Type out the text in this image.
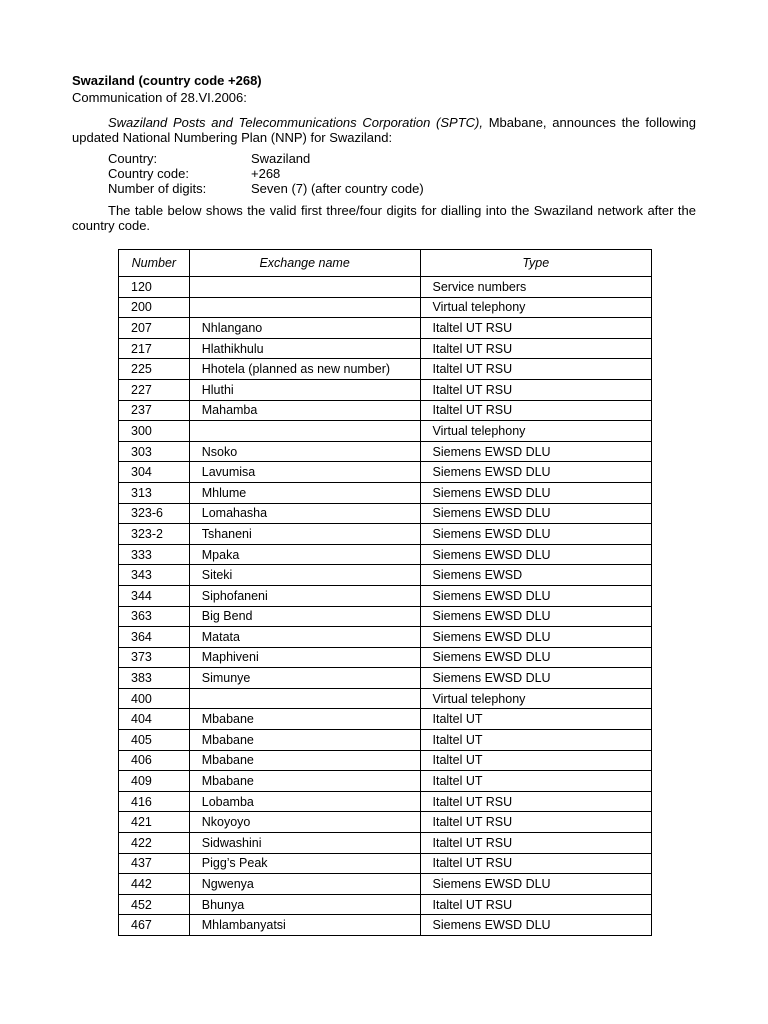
Swaziland (country code +268)

Communication of 28.VI.2006:

Swaziland Posts and Telecommunications Corporation (SPTC), Mbabane, announces the following updated National Numbering Plan (NNP) for Swaziland:

Country:	Swaziland
Country code:	+268
Number of digits:	Seven (7) (after country code)

The table below shows the valid first three/four digits for dialling into the Swaziland network after the country code.

Number	Exchange name	Type
120		Service numbers
200		Virtual telephony
207	Nhlangano	Italtel UT RSU
217	Hlathikhulu	Italtel UT RSU
225	Hhotela (planned as new number)	Italtel UT RSU
227	Hluthi	Italtel UT RSU
237	Mahamba	Italtel UT RSU
300		Virtual telephony
303	Nsoko	Siemens EWSD DLU
304	Lavumisa	Siemens EWSD DLU
313	Mhlume	Siemens EWSD DLU
323-6	Lomahasha	Siemens EWSD DLU
323-2	Tshaneni	Siemens EWSD DLU
333	Mpaka	Siemens EWSD DLU
343	Siteki	Siemens EWSD
344	Siphofaneni	Siemens EWSD DLU
363	Big Bend	Siemens EWSD DLU
364	Matata	Siemens EWSD DLU
373	Maphiveni	Siemens EWSD DLU
383	Simunye	Siemens EWSD DLU
400		Virtual telephony
404	Mbabane	Italtel UT
405	Mbabane	Italtel UT
406	Mbabane	Italtel UT
409	Mbabane	Italtel UT
416	Lobamba	Italtel UT RSU
421	Nkoyoyo	Italtel UT RSU
422	Sidwashini	Italtel UT RSU
437	Pigg’s Peak	Italtel UT RSU
442	Ngwenya	Siemens EWSD DLU
452	Bhunya	Italtel UT RSU
467	Mhlambanyatsi	Siemens EWSD DLU
